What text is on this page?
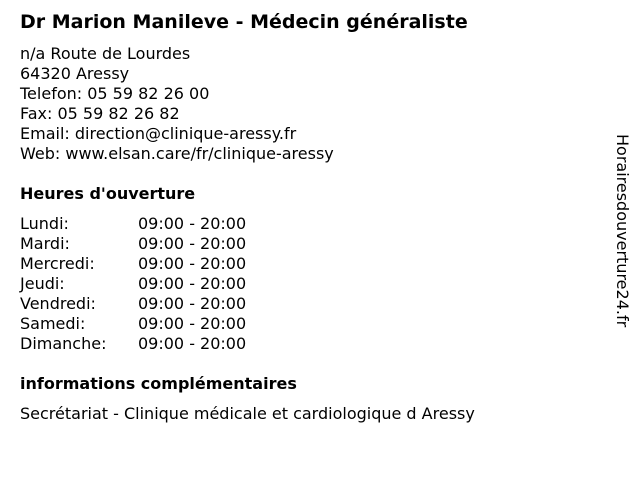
Dr Marion Manileve - Médecin généraliste
n/a Route de Lourdes
64320 Aressy
Telefon: 05 59 82 26 00
Fax: 05 59 82 26 82
Email: direction@clinique-aressy.fr
Web: www.elsan.care/fr/clinique-aressy
Heures d'ouverture
Lundi:	09:00 - 20:00
Mardi:	09:00 - 20:00
Mercredi:	09:00 - 20:00
Jeudi:	09:00 - 20:00
Vendredi:	09:00 - 20:00
Samedi:	09:00 - 20:00
Dimanche:	09:00 - 20:00
informations complémentaires
Secrétariat - Clinique médicale et cardiologique d Aressy
Horairesdouverture24.fr
